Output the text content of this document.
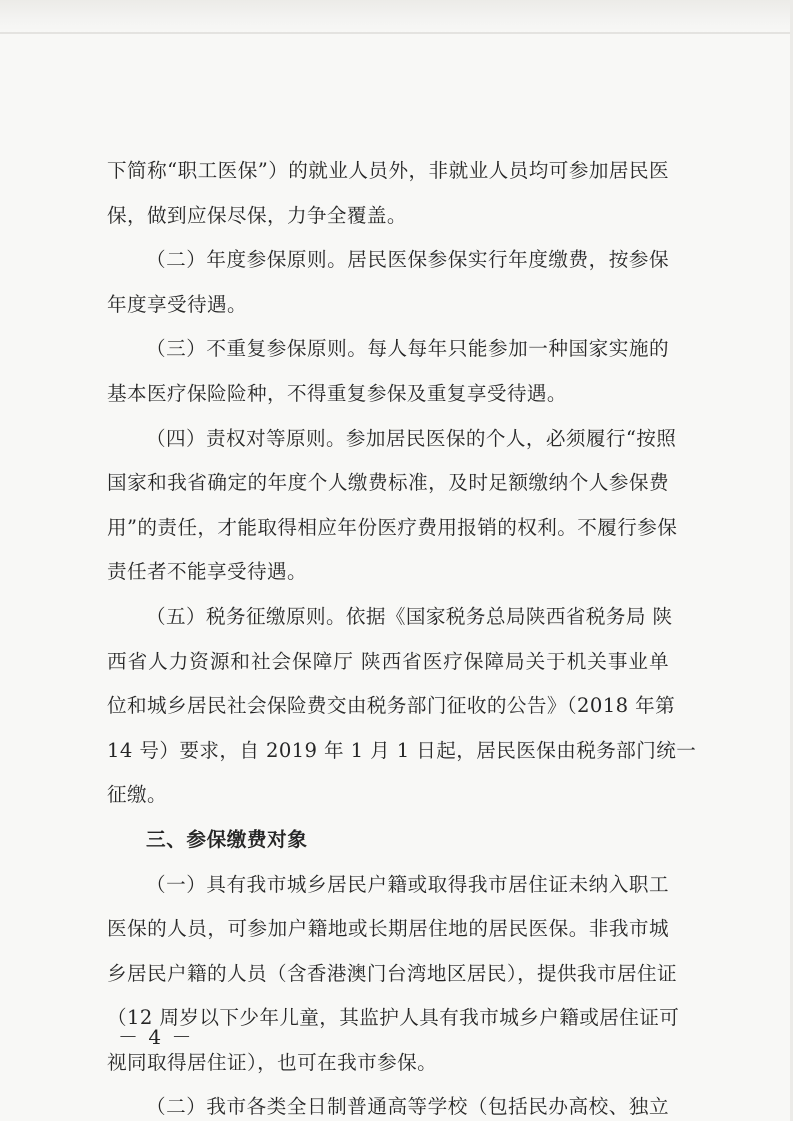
下简称“职工医保”）的就业人员外，非就业人员均可参加居民医
保，做到应保尽保，力争全覆盖。
（二）年度参保原则。居民医保参保实行年度缴费，按参保
年度享受待遇。
（三）不重复参保原则。每人每年只能参加一种国家实施的
基本医疗保险险种，不得重复参保及重复享受待遇。
（四）责权对等原则。参加居民医保的个人，必须履行“按照
国家和我省确定的年度个人缴费标准，及时足额缴纳个人参保费
用”的责任，才能取得相应年份医疗费用报销的权利。不履行参保
责任者不能享受待遇。
（五）税务征缴原则。依据《国家税务总局陕西省税务局 陕
西省人力资源和社会保障厅 陕西省医疗保障局关于机关事业单
位和城乡居民社会保险费交由税务部门征收的公告》（2018 年第
14 号）要求，自 2019 年 1 月 1 日起，居民医保由税务部门统一
征缴。
三、参保缴费对象
（一）具有我市城乡居民户籍或取得我市居住证未纳入职工
医保的人员，可参加户籍地或长期居住地的居民医保。非我市城
乡居民户籍的人员（含香港澳门台湾地区居民），提供我市居住证
（12 周岁以下少年儿童，其监护人具有我市城乡户籍或居住证可
视同取得居住证），也可在我市参保。
（二）我市各类全日制普通高等学校（包括民办高校、独立
－ 4 －
